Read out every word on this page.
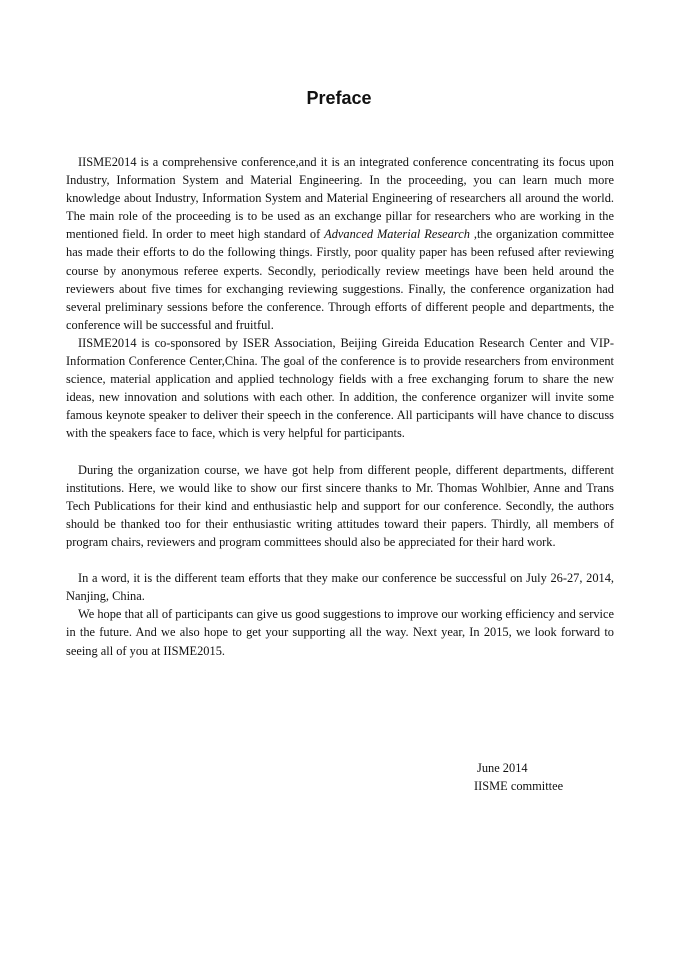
Preface

IISME2014 is a comprehensive conference,and it is an integrated conference concentrating its focus upon Industry, Information System and Material Engineering. In the proceeding, you can learn much more knowledge about Industry, Information System and Material Engineering of researchers all around the world. The main role of the proceeding is to be used as an exchange pillar for researchers who are working in the mentioned field. In order to meet high standard of Advanced Material Research ,the organization committee has made their efforts to do the following things. Firstly, poor quality paper has been refused after reviewing course by anonymous referee experts. Secondly, periodically review meetings have been held around the reviewers about five times for exchanging reviewing suggestions. Finally, the conference organization had several preliminary sessions before the conference. Through efforts of different people and departments, the conference will be successful and fruitful.

IISME2014 is co-sponsored by ISER Association, Beijing Gireida Education Research Center and VIP-Information Conference Center,China. The goal of the conference is to provide researchers from environment science, material application and applied technology fields with a free exchanging forum to share the new ideas, new innovation and solutions with each other. In addition, the conference organizer will invite some famous keynote speaker to deliver their speech in the conference. All participants will have chance to discuss with the speakers face to face, which is very helpful for participants.

During the organization course, we have got help from different people, different departments, different institutions. Here, we would like to show our first sincere thanks to Mr. Thomas Wohlbier, Anne and Trans Tech Publications for their kind and enthusiastic help and support for our conference. Secondly, the authors should be thanked too for their enthusiastic writing attitudes toward their papers. Thirdly, all members of program chairs, reviewers and program committees should also be appreciated for their hard work.

In a word, it is the different team efforts that they make our conference be successful on July 26-27, 2014, Nanjing, China.

We hope that all of participants can give us good suggestions to improve our working efficiency and service in the future. And we also hope to get your supporting all the way. Next year, In 2015, we look forward to seeing all of you at IISME2015.

June 2014
IISME committee
